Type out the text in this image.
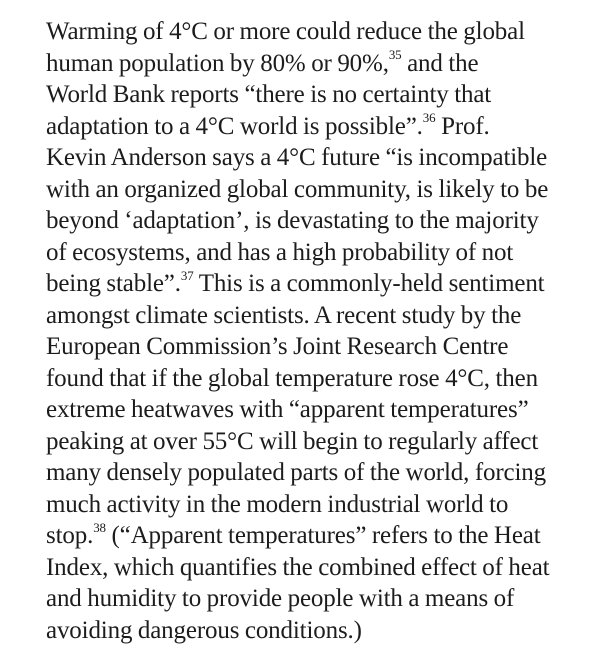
Warming of 4°C or more could reduce the global
human population by 80% or 90%,$^{35}$ and the
World Bank reports “there is no certainty that
adaptation to a 4°C world is possible”.$^{36}$ Prof.
Kevin Anderson says a 4°C future “is incompatible
with an organized global community, is likely to be
beyond ‘adaptation’, is devastating to the majority
of ecosystems, and has a high probability of not
being stable”.$^{37}$ This is a commonly-held sentiment
amongst climate scientists. A recent study by the
European Commission’s Joint Research Centre
found that if the global temperature rose 4°C, then
extreme heatwaves with “apparent temperatures”
peaking at over 55°C will begin to regularly affect
many densely populated parts of the world, forcing
much activity in the modern industrial world to
stop.$^{38}$ (“Apparent temperatures” refers to the Heat
Index, which quantifies the combined effect of heat
and humidity to provide people with a means of
avoiding dangerous conditions.)
